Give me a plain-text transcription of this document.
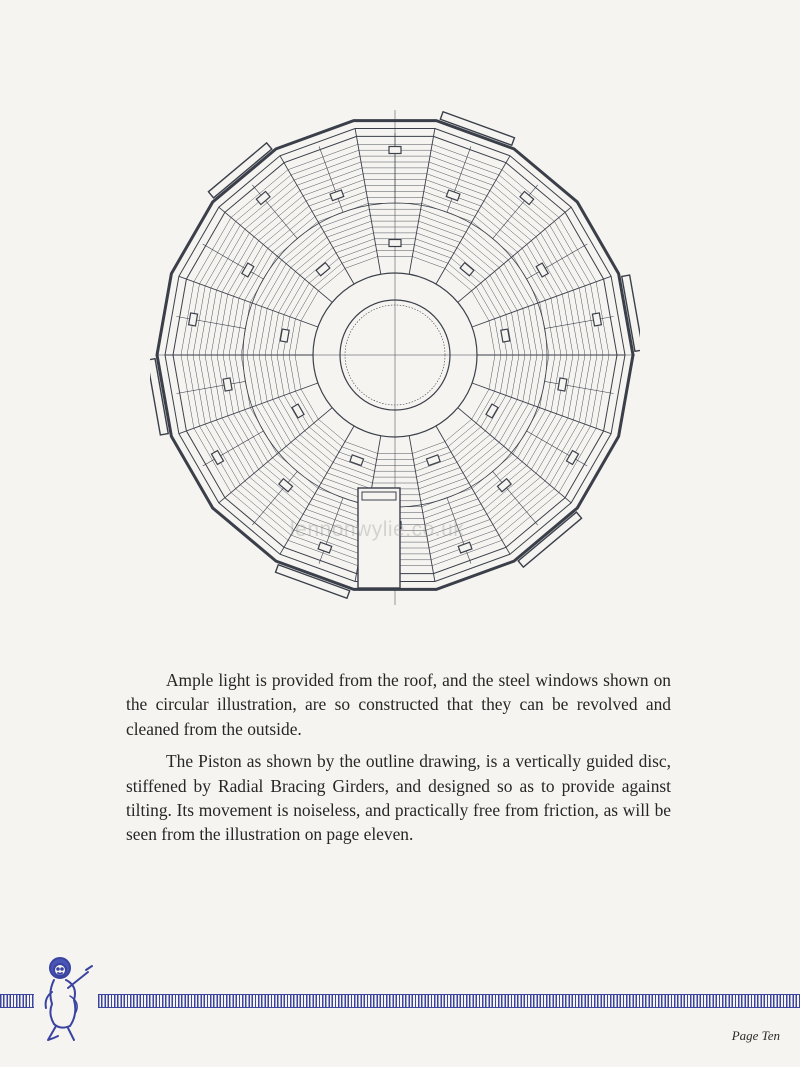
lennonwylie.co.uk

Ample light is provided from the roof, and the steel windows shown on the circular illustration, are so constructed that they can be revolved and cleaned from the outside.

The Piston as shown by the outline drawing, is a vertically guided disc, stiffened by Radial Bracing Girders, and designed so as to provide against tilting. Its movement is noiseless, and practically free from friction, as will be seen from the illustration on page eleven.

Page Ten
